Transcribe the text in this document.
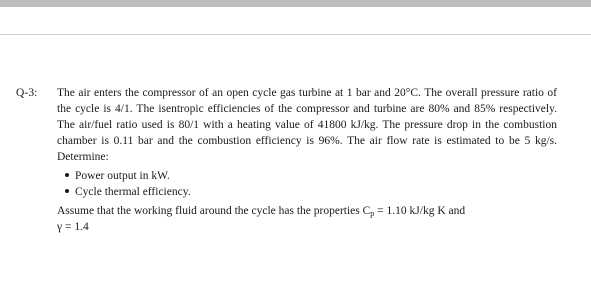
Q-3: The air enters the compressor of an open cycle gas turbine at 1 bar and 20°C. The overall pressure ratio of the cycle is 4/1. The isentropic efficiencies of the compressor and turbine are 80% and 85% respectively. The air/fuel ratio used is 80/1 with a heating value of 41800 kJ/kg. The pressure drop in the combustion chamber is 0.11 bar and the combustion efficiency is 96%. The air flow rate is estimated to be 5 kg/s. Determine:

Power output in kW.
Cycle thermal efficiency.

Assume that the working fluid around the cycle has the properties $C_p = 1.10$ kJ/kg K and

γ = 1.4
